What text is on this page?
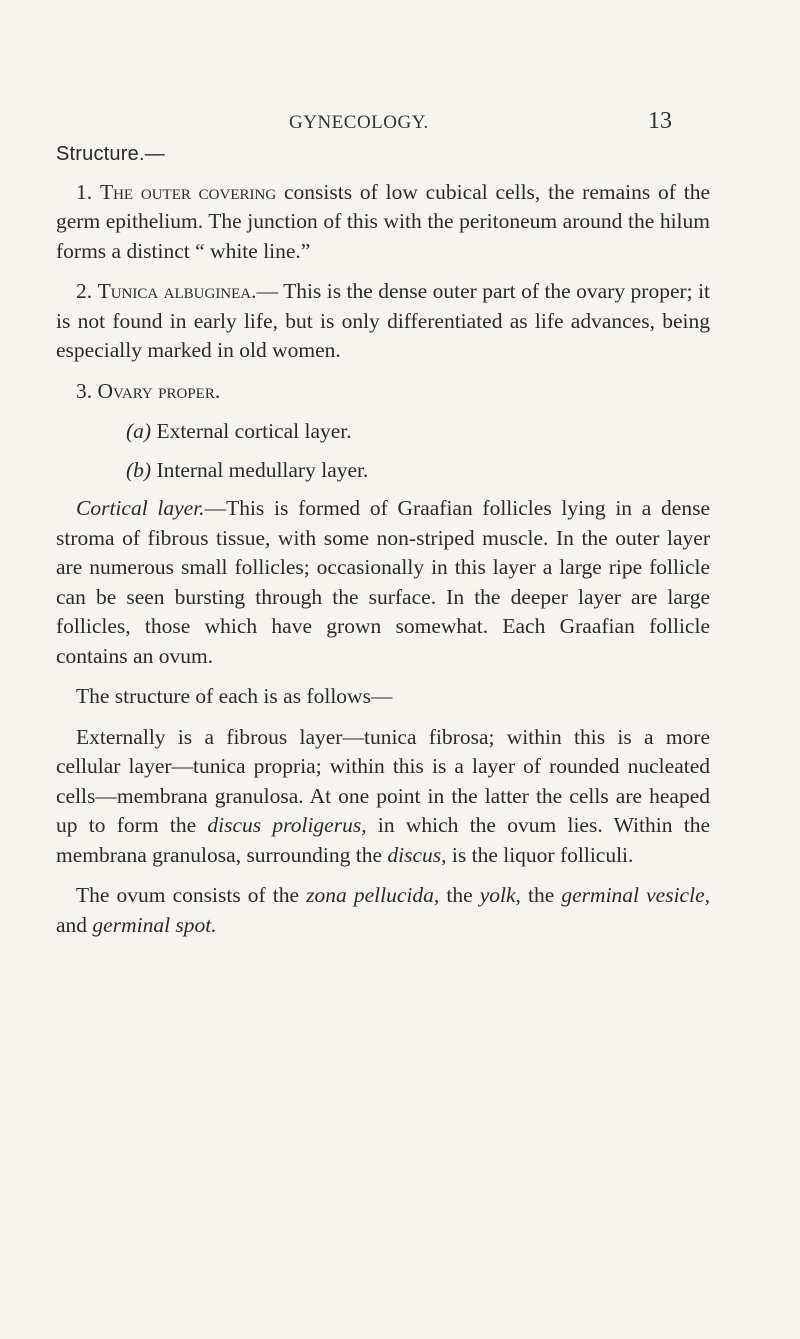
GYNECOLOGY.	13
Structure.—

1. The outer covering consists of low cubical cells, the remains of the germ epithelium. The junction of this with the peritoneum around the hilum forms a distinct “ white line.”

2. Tunica albuginea.— This is the dense outer part of the ovary proper; it is not found in early life, but is only differentiated as life advances, being especially marked in old women.

3. Ovary proper.

(a) External cortical layer.

(b) Internal medullary layer.

Cortical layer.—This is formed of Graafian follicles lying in a dense stroma of fibrous tissue, with some non-striped muscle. In the outer layer are numerous small follicles; occasionally in this layer a large ripe follicle can be seen bursting through the surface. In the deeper layer are large follicles, those which have grown somewhat. Each Graafian follicle contains an ovum.

The structure of each is as follows—

Externally is a fibrous layer—tunica fibrosa; within this is a more cellular layer—tunica propria; within this is a layer of rounded nucleated cells—membrana granulosa. At one point in the latter the cells are heaped up to form the discus proligerus, in which the ovum lies. Within the membrana granulosa, surrounding the discus, is the liquor folliculi.

The ovum consists of the zona pellucida, the yolk, the germinal vesicle, and germinal spot.
